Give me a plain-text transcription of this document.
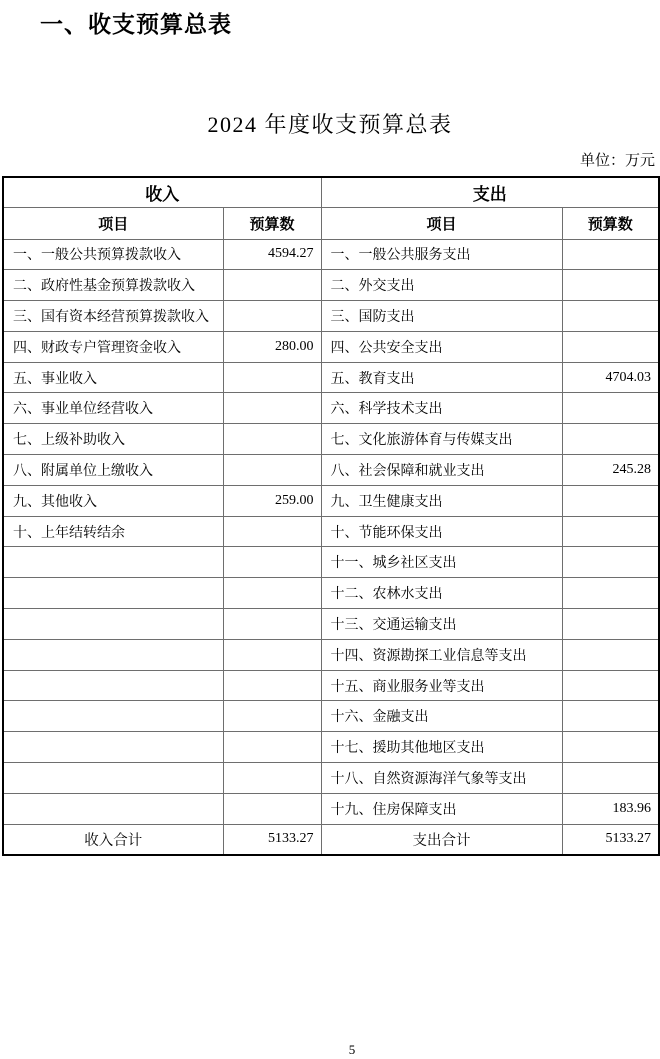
一、收支预算总表
2024 年度收支预算总表
单位：万元
收入		支出	
项目	预算数	项目	预算数
一、一般公共预算拨款收入	4594.27	一、一般公共服务支出	
二、政府性基金预算拨款收入		二、外交支出	
三、国有资本经营预算拨款收入		三、国防支出	
四、财政专户管理资金收入	280.00	四、公共安全支出	
五、事业收入		五、教育支出	4704.03
六、事业单位经营收入		六、科学技术支出	
七、上级补助收入		七、文化旅游体育与传媒支出	
八、附属单位上缴收入		八、社会保障和就业支出	245.28
九、其他收入	259.00	九、卫生健康支出	
十、上年结转结余		十、节能环保支出	
		十一、城乡社区支出	
		十二、农林水支出	
		十三、交通运输支出	
		十四、资源勘探工业信息等支出	
		十五、商业服务业等支出	
		十六、金融支出	
		十七、援助其他地区支出	
		十八、自然资源海洋气象等支出	
		十九、住房保障支出	183.96
收入合计	5133.27	支出合计	5133.27
5
